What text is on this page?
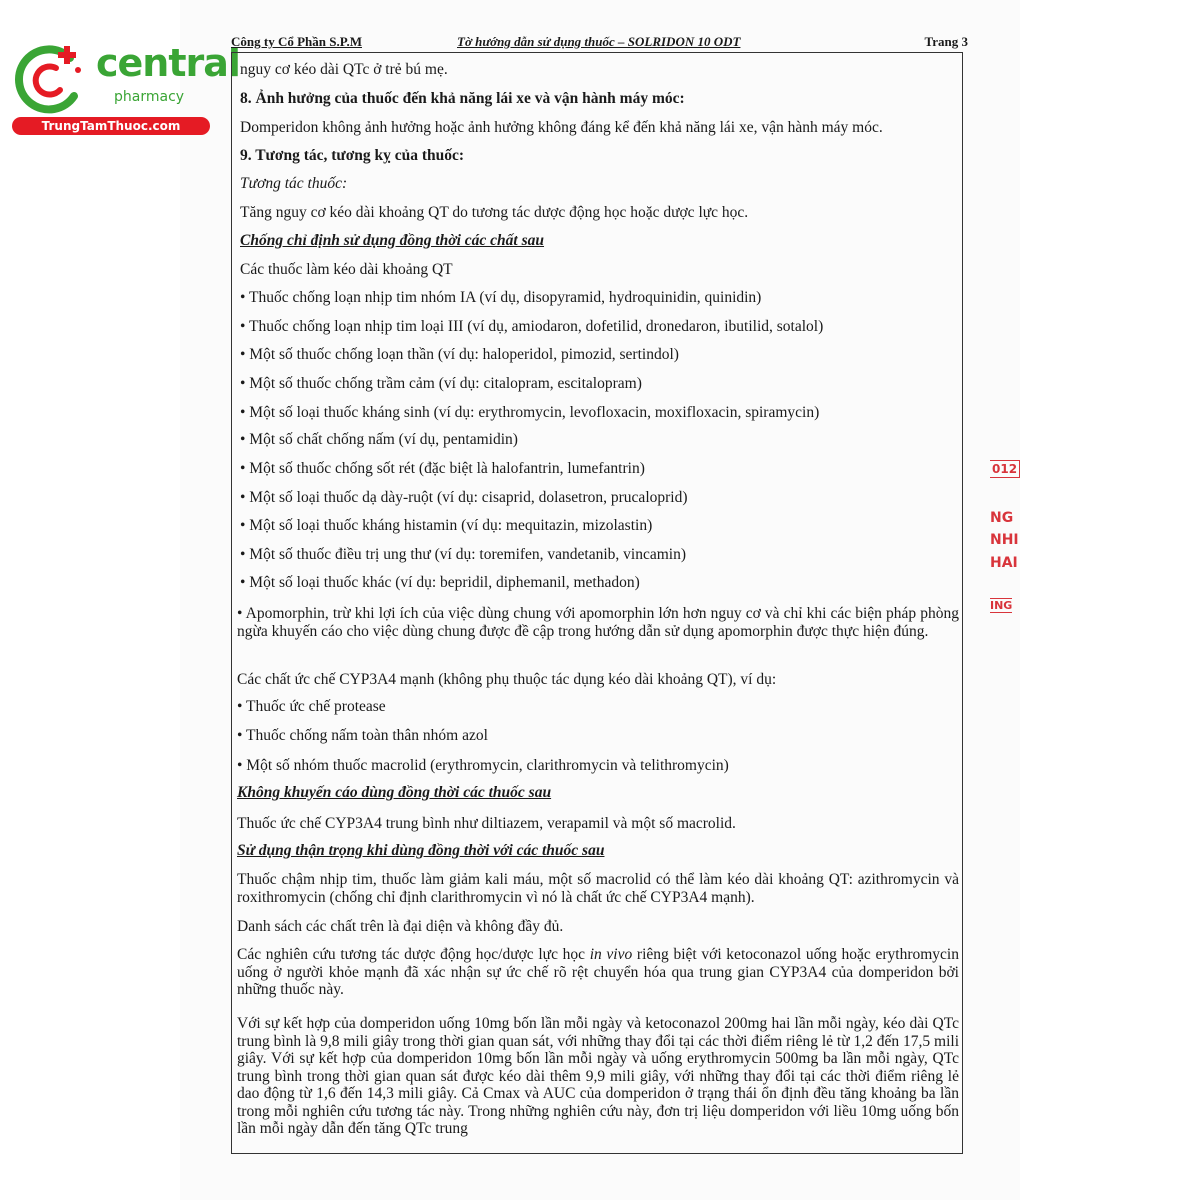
central
pharmacy
TrungTamThuoc.com
Công ty Cổ Phần S.P.M	Tờ hướng dẫn sử dụng thuốc – SOLRIDON 10 ODT	Trang 3
nguy cơ kéo dài QTc ở trẻ bú mẹ.
8. Ảnh hưởng của thuốc đến khả năng lái xe và vận hành máy móc:
Domperidon không ảnh hưởng hoặc ảnh hưởng không đáng kể đến khả năng lái xe, vận hành máy móc.
9. Tương tác, tương kỵ của thuốc:
Tương tác thuốc:
Tăng nguy cơ kéo dài khoảng QT do tương tác dược động học hoặc dược lực học.
Chống chỉ định sử dụng đồng thời các chất sau
Các thuốc làm kéo dài khoảng QT
• Thuốc chống loạn nhịp tim nhóm IA (ví dụ, disopyramid, hydroquinidin, quinidin)
• Thuốc chống loạn nhịp tim loại III (ví dụ, amiodaron, dofetilid, dronedaron, ibutilid, sotalol)
• Một số thuốc chống loạn thần (ví dụ: haloperidol, pimozid, sertindol)
• Một số thuốc chống trầm cảm (ví dụ: citalopram, escitalopram)
• Một số loại thuốc kháng sinh (ví dụ: erythromycin, levofloxacin, moxifloxacin, spiramycin)
• Một số chất chống nấm (ví dụ, pentamidin)
• Một số thuốc chống sốt rét (đặc biệt là halofantrin, lumefantrin)
• Một số loại thuốc dạ dày-ruột (ví dụ: cisaprid, dolasetron, prucaloprid)
• Một số loại thuốc kháng histamin (ví dụ: mequitazin, mizolastin)
• Một số thuốc điều trị ung thư (ví dụ: toremifen, vandetanib, vincamin)
• Một số loại thuốc khác (ví dụ: bepridil, diphemanil, methadon)
• Apomorphin, trừ khi lợi ích của việc dùng chung với apomorphin lớn hơn nguy cơ và chỉ khi các biện pháp phòng ngừa khuyến cáo cho việc dùng chung được đề cập trong hướng dẫn sử dụng apomorphin được thực hiện đúng.
Các chất ức chế CYP3A4 mạnh (không phụ thuộc tác dụng kéo dài khoảng QT), ví dụ:
• Thuốc ức chế protease
• Thuốc chống nấm toàn thân nhóm azol
• Một số nhóm thuốc macrolid (erythromycin, clarithromycin và telithromycin)
Không khuyến cáo dùng đồng thời các thuốc sau
Thuốc ức chế CYP3A4 trung bình như diltiazem, verapamil và một số macrolid.
Sử dụng thận trọng khi dùng đồng thời với các thuốc sau
Thuốc chậm nhịp tim, thuốc làm giảm kali máu, một số macrolid có thể làm kéo dài khoảng QT: azithromycin và roxithromycin (chống chỉ định clarithromycin vì nó là chất ức chế CYP3A4 mạnh).
Danh sách các chất trên là đại diện và không đầy đủ.
Các nghiên cứu tương tác dược động học/dược lực học in vivo riêng biệt với ketoconazol uống hoặc erythromycin uống ở người khỏe mạnh đã xác nhận sự ức chế rõ rệt chuyển hóa qua trung gian CYP3A4 của domperidon bởi những thuốc này.
Với sự kết hợp của domperidon uống 10mg bốn lần mỗi ngày và ketoconazol 200mg hai lần mỗi ngày, kéo dài QTc trung bình là 9,8 mili giây trong thời gian quan sát, với những thay đổi tại các thời điểm riêng lẻ từ 1,2 đến 17,5 mili giây. Với sự kết hợp của domperidon 10mg bốn lần mỗi ngày và uống erythromycin 500mg ba lần mỗi ngày, QTc trung bình trong thời gian quan sát được kéo dài thêm 9,9 mili giây, với những thay đổi tại các thời điểm riêng lẻ dao động từ 1,6 đến 14,3 mili giây. Cả Cmax và AUC của domperidon ở trạng thái ổn định đều tăng khoảng ba lần trong mỗi nghiên cứu tương tác này. Trong những nghiên cứu này, đơn trị liệu domperidon với liều 10mg uống bốn lần mỗi ngày dẫn đến tăng QTc trung
012
NG
NHI
HAI
ING
